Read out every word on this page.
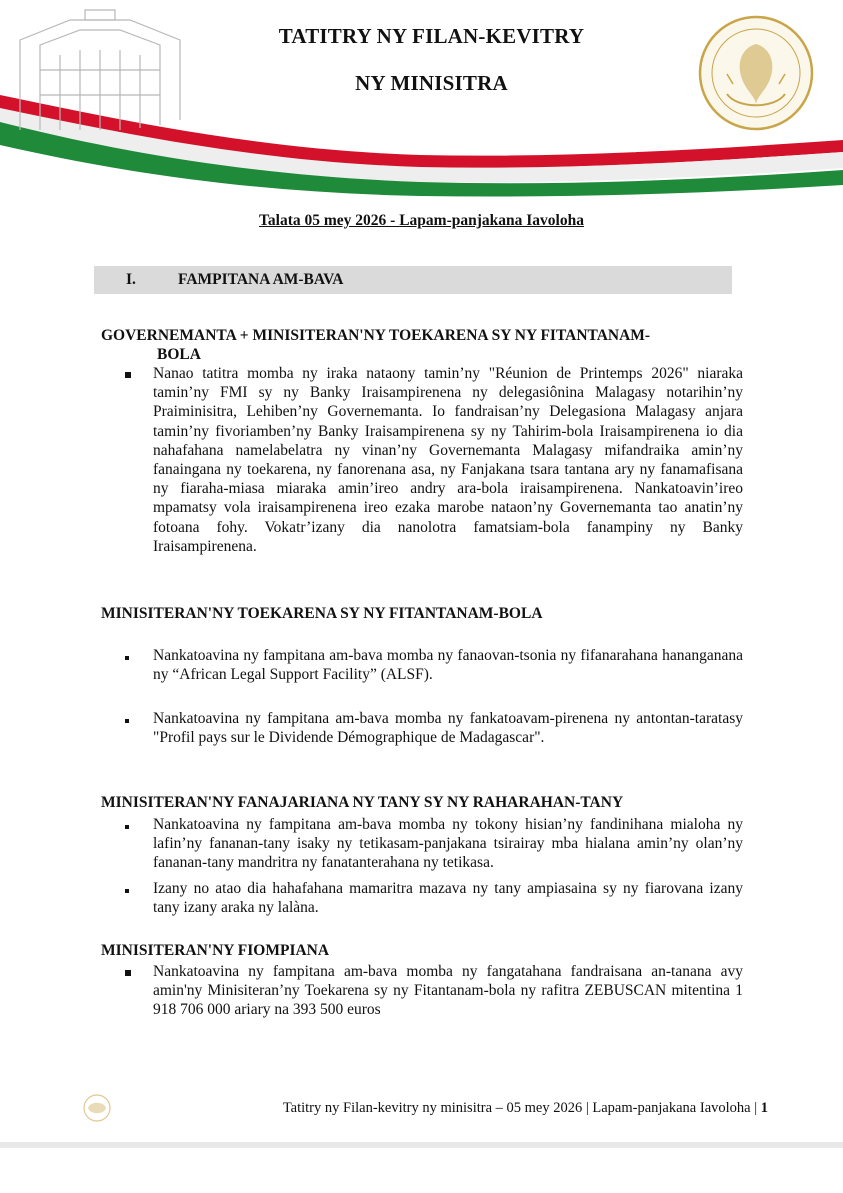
TATITRY NY FILAN-KEVITRY
NY MINISITRA
Talata 05 mey 2026 - Lapam-panjakana Iavoloha
I.	FAMPITANA AM-BAVA
GOVERNEMANTA + MINISITERAN'NY TOEKARENA SY NY FITANTANAM-
BOLA
Nanao tatitra momba ny iraka nataony tamin’ny "Réunion de Printemps 2026" niaraka tamin’ny FMI sy ny Banky Iraisampirenena ny delegasiônina Malagasy notarihin’ny Praiminisitra, Lehiben’ny Governemanta. Io fandraisan’ny Delegasiona Malagasy anjara tamin’ny fivoriamben’ny Banky Iraisampirenena sy ny Tahirim-bola Iraisampirenena io dia nahafahana namelabelatra ny vinan’ny Governemanta Malagasy mifandraika amin’ny fanaingana ny toekarena, ny fanorenana asa, ny Fanjakana tsara tantana ary ny fanamafisana ny fiaraha-miasa miaraka amin’ireo andry ara-bola iraisampirenena. Nankatoavin’ireo mpamatsy vola iraisampirenena ireo ezaka marobe nataon’ny Governemanta tao anatin’ny fotoana fohy. Vokatr’izany dia nanolotra famatsiam-bola fanampiny ny Banky Iraisampirenena.
MINISITERAN'NY TOEKARENA SY NY FITANTANAM-BOLA
Nankatoavina ny fampitana am-bava momba ny fanaovan-tsonia ny fifanarahana hananganana ny “African Legal Support Facility” (ALSF).
Nankatoavina ny fampitana am-bava momba ny fankatoavam-pirenena ny antontan-taratasy "Profil pays sur le Dividende Démographique de Madagascar".
MINISITERAN'NY FANAJARIANA NY TANY SY NY RAHARAHAN-TANY
Nankatoavina ny fampitana am-bava momba ny tokony hisian’ny fandinihana mialoha ny lafin’ny fananan-tany isaky ny tetikasam-panjakana tsirairay mba hialana amin’ny olan’ny fananan-tany mandritra ny fanatanterahana ny tetikasa.
Izany no atao dia hahafahana mamaritra mazava ny tany ampiasaina sy ny fiarovana izany tany izany araka ny lalàna.
MINISITERAN'NY FIOMPIANA
Nankatoavina ny fampitana am-bava momba ny fangatahana fandraisana an-tanana avy amin'ny Minisiteran’ny Toekarena sy ny Fitantanam-bola ny rafitra ZEBUSCAN mitentina 1 918 706 000 ariary na 393 500 euros
Tatitry ny Filan-kevitry ny minisitra – 05 mey 2026 | Lapam-panjakana Iavoloha | 1
